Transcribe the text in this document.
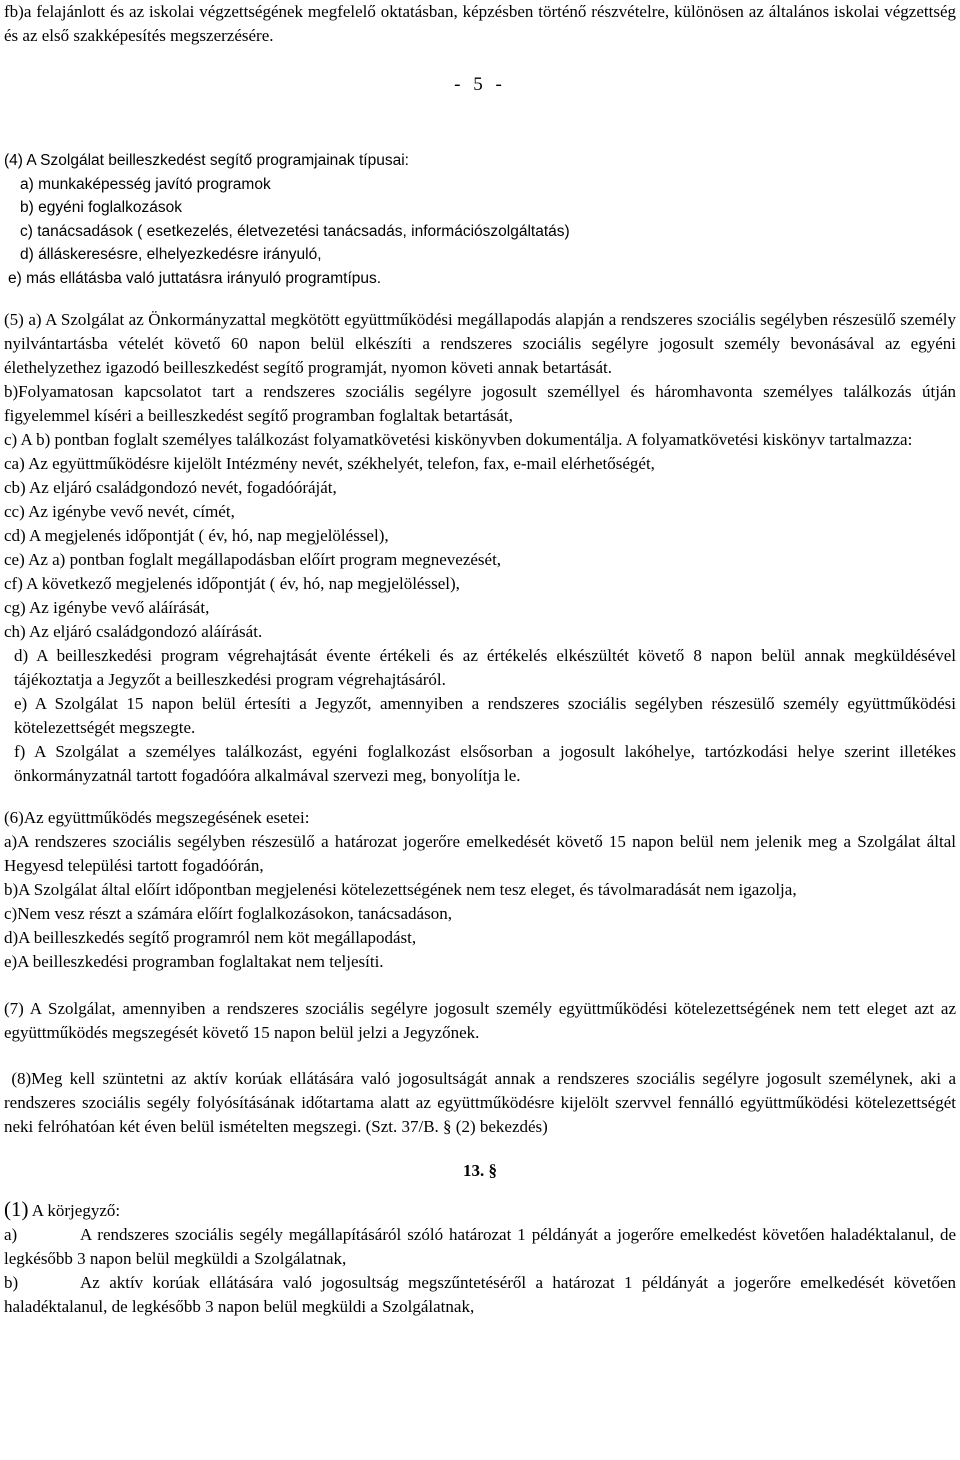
fb)a felajánlott és az iskolai végzettségének megfelelő oktatásban, képzésben történő részvételre, különösen az általános iskolai végzettség és az első szakképesítés megszerzésére.

- 5 -

(4) A Szolgálat beilleszkedést segítő programjainak típusai:

a) munkaképesség javító programok
b) egyéni foglalkozások
c) tanácsadások ( esetkezelés, életvezetési tanácsadás, információszolgáltatás)
d) álláskeresésre, elhelyezkedésre irányuló,
e) más ellátásba való juttatásra irányuló programtípus.

(5) a) A Szolgálat az Önkormányzattal megkötött együttműködési megállapodás alapján a rendszeres szociális segélyben részesülő személy nyilvántartásba vételét követő 60 napon belül elkészíti a rendszeres szociális segélyre jogosult személy bevonásával az egyéni élethelyzethez igazodó beilleszkedést segítő programját, nyomon követi annak betartását.

b)Folyamatosan kapcsolatot tart a rendszeres szociális segélyre jogosult személlyel és háromhavonta személyes találkozás útján figyelemmel kíséri a beilleszkedést segítő programban foglaltak betartását,

c) A b) pontban foglalt személyes találkozást folyamatkövetési kiskönyvben dokumentálja. A folyamatkövetési kiskönyv tartalmazza:

ca) Az együttműködésre kijelölt Intézmény nevét, székhelyét, telefon, fax, e-mail elérhetőségét,

cb) Az eljáró családgondozó nevét, fogadóóráját,

cc) Az igénybe vevő nevét, címét,

cd) A megjelenés időpontját ( év, hó, nap megjelöléssel),

ce) Az a) pontban foglalt megállapodásban előírt program megnevezését,

cf) A következő megjelenés időpontját ( év, hó, nap megjelöléssel),

cg) Az igénybe vevő aláírását,

ch) Az eljáró családgondozó aláírását.

d) A beilleszkedési program végrehajtását évente értékeli és az értékelés elkészültét követő 8 napon belül annak megküldésével tájékoztatja a Jegyzőt a beilleszkedési program végrehajtásáról.

e) A Szolgálat 15 napon belül értesíti a Jegyzőt, amennyiben a rendszeres szociális segélyben részesülő személy együttműködési kötelezettségét megszegte.

f) A Szolgálat a személyes találkozást, egyéni foglalkozást elsősorban a jogosult lakóhelye, tartózkodási helye szerint illetékes önkormányzatnál tartott fogadóóra alkalmával szervezi meg, bonyolítja le.

(6)Az együttműködés megszegésének esetei:

a)A rendszeres szociális segélyben részesülő a határozat jogerőre emelkedését követő 15 napon belül nem jelenik meg a Szolgálat által Hegyesd települési tartott fogadóórán,

b)A Szolgálat által előírt időpontban megjelenési kötelezettségének nem tesz eleget, és távolmaradását nem igazolja,

c)Nem vesz részt a számára előírt foglalkozásokon, tanácsadáson,

d)A beilleszkedés segítő programról nem köt megállapodást,

e)A beilleszkedési programban foglaltakat nem teljesíti.

(7) A Szolgálat, amennyiben a rendszeres szociális segélyre jogosult személy együttműködési kötelezettségének nem tett eleget azt az együttműködés megszegését követő 15 napon belül jelzi a Jegyzőnek.

(8)Meg kell szüntetni az aktív korúak ellátására való jogosultságát annak a rendszeres szociális segélyre jogosult személynek, aki a rendszeres szociális segély folyósításának időtartama alatt az együttműködésre kijelölt szervvel fennálló együttműködési kötelezettségét neki felróhatóan két éven belül ismételten megszegi. (Szt. 37/B. § (2) bekezdés)

13. §

(1) A körjegyző:

a)	A rendszeres szociális segély megállapításáról szóló határozat 1 példányát a jogerőre emelkedést követően haladéktalanul, de legkésőbb 3 napon belül megküldi a Szolgálatnak,

b)	Az aktív korúak ellátására való jogosultság megszűntetéséről a határozat 1 példányát a jogerőre emelkedését követően haladéktalanul, de legkésőbb 3 napon belül megküldi a Szolgálatnak,
